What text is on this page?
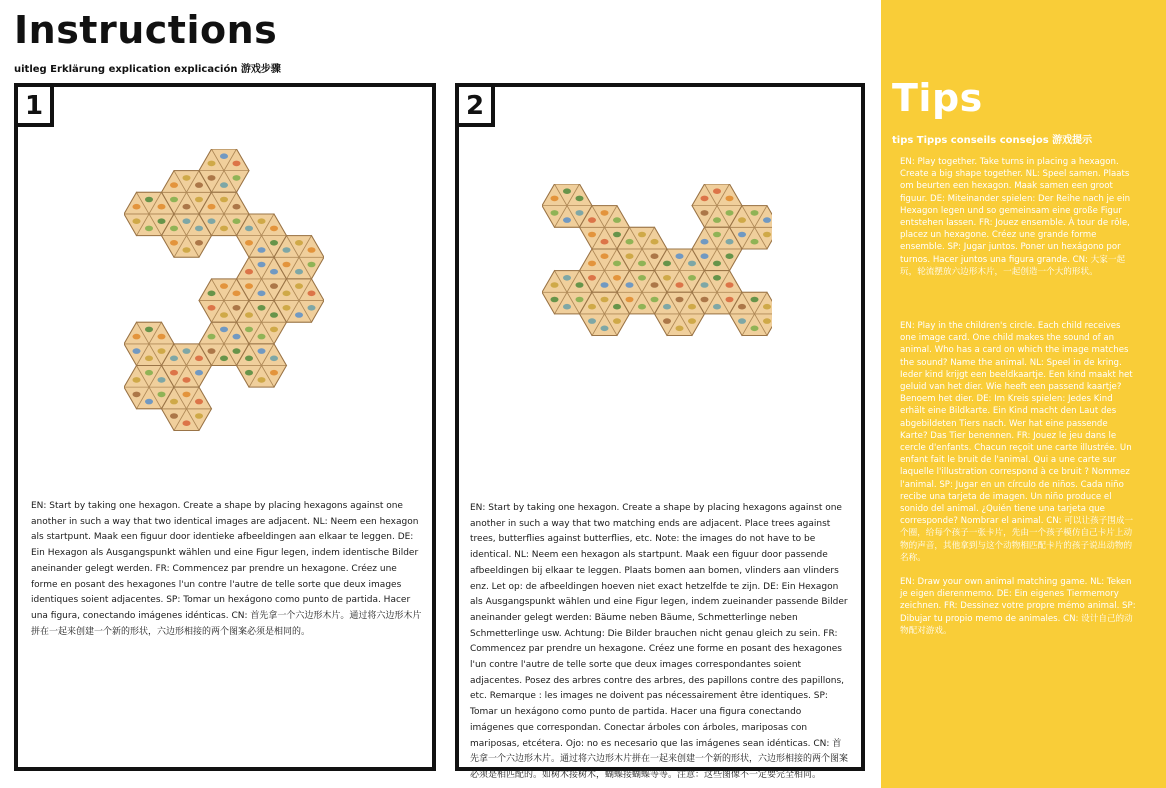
Instructions
uitleg Erklärung explication explicación 游戏步骤
1
EN: Start by taking one hexagon. Create a shape by placing hexagons against one another in such a way that two identical images are adjacent. NL: Neem een hexagon als startpunt. Maak een figuur door identieke afbeeldingen aan elkaar te leggen. DE: Ein Hexagon als Ausgangspunkt wählen und eine Figur legen, indem identische Bilder aneinander gelegt werden. FR: Commencez par prendre un hexagone. Créez une forme en posant des hexagones l'un contre l'autre de telle sorte que deux images identiques soient adjacentes. SP: Tomar un hexágono como punto de partida. Hacer una figura, conectando imágenes idénticas. CN: 首先拿一个六边形木片。通过将六边形木片拼在一起来创建一个新的形状，六边形相接的两个图案必须是相同的。
2
EN: Start by taking one hexagon. Create a shape by placing hexagons against one another in such a way that two matching ends are adjacent. Place trees against trees, butterflies against butterflies, etc. Note: the images do not have to be identical. NL: Neem een hexagon als startpunt. Maak een figuur door passende afbeeldingen bij elkaar te leggen. Plaats bomen aan bomen, vlinders aan vlinders enz. Let op: de afbeeldingen hoeven niet exact hetzelfde te zijn. DE: Ein Hexagon als Ausgangspunkt wählen und eine Figur legen, indem zueinander passende Bilder aneinander gelegt werden: Bäume neben Bäume, Schmetterlinge neben Schmetterlinge usw. Achtung: Die Bilder brauchen nicht genau gleich zu sein. FR: Commencez par prendre un hexagone. Créez une forme en posant des hexagones l'un contre l'autre de telle sorte que deux images correspondantes soient adjacentes. Posez des arbres contre des arbres, des papillons contre des papillons, etc. Remarque : les images ne doivent pas nécessairement être identiques. SP: Tomar un hexágono como punto de partida. Hacer una figura conectando imágenes que correspondan. Conectar árboles con árboles, mariposas con mariposas, etcétera. Ojo: no es necesario que las imágenes sean idénticas. CN: 首先拿一个六边形木片。通过将六边形木片拼在一起来创建一个新的形状，六边形相接的两个图案必须是相匹配的。如树木接树木，蝴蝶接蝴蝶等等。注意：这些图像不一定要完全相同。
Tips
tips Tipps conseils consejos 游戏提示
EN: Play together. Take turns in placing a hexagon. Create a big shape together. NL: Speel samen. Plaats om beurten een hexagon. Maak samen een groot figuur. DE: Miteinander spielen: Der Reihe nach je ein Hexagon legen und so gemeinsam eine große Figur entstehen lassen. FR: Jouez ensemble. À tour de rôle, placez un hexagone. Créez une grande forme ensemble. SP: Jugar juntos. Poner un hexágono por turnos. Hacer juntos una figura grande. CN: 大家一起玩，轮流摆放六边形木片，一起创造一个大的形状。
EN: Play in the children's circle. Each child receives one image card. One child makes the sound of an animal. Who has a card on which the image matches the sound? Name the animal. NL: Speel in de kring. Ieder kind krijgt een beeldkaartje. Een kind maakt het geluid van het dier. Wie heeft een passend kaartje? Benoem het dier. DE: Im Kreis spielen: Jedes Kind erhält eine Bildkarte. Ein Kind macht den Laut des abgebildeten Tiers nach. Wer hat eine passende Karte? Das Tier benennen. FR: Jouez le jeu dans le cercle d'enfants. Chacun reçoit une carte illustrée. Un enfant fait le bruit de l'animal. Qui a une carte sur laquelle l'illustration correspond à ce bruit ? Nommez l'animal. SP: Jugar en un círculo de niños. Cada niño recibe una tarjeta de imagen. Un niño produce el sonido del animal. ¿Quién tiene una tarjeta que corresponde? Nombrar el animal. CN: 可以让孩子围成一个圈，给每个孩子一张卡片，先由一个孩子模仿自己卡片上动物的声音，其他拿到与这个动物相匹配卡片的孩子说出动物的名称。
EN: Draw your own animal matching game. NL: Teken je eigen dierenmemo. DE: Ein eigenes Tiermemory zeichnen. FR: Dessinez votre propre mémo animal. SP: Dibujar tu propio memo de animales. CN: 设计自己的动物配对游戏。
